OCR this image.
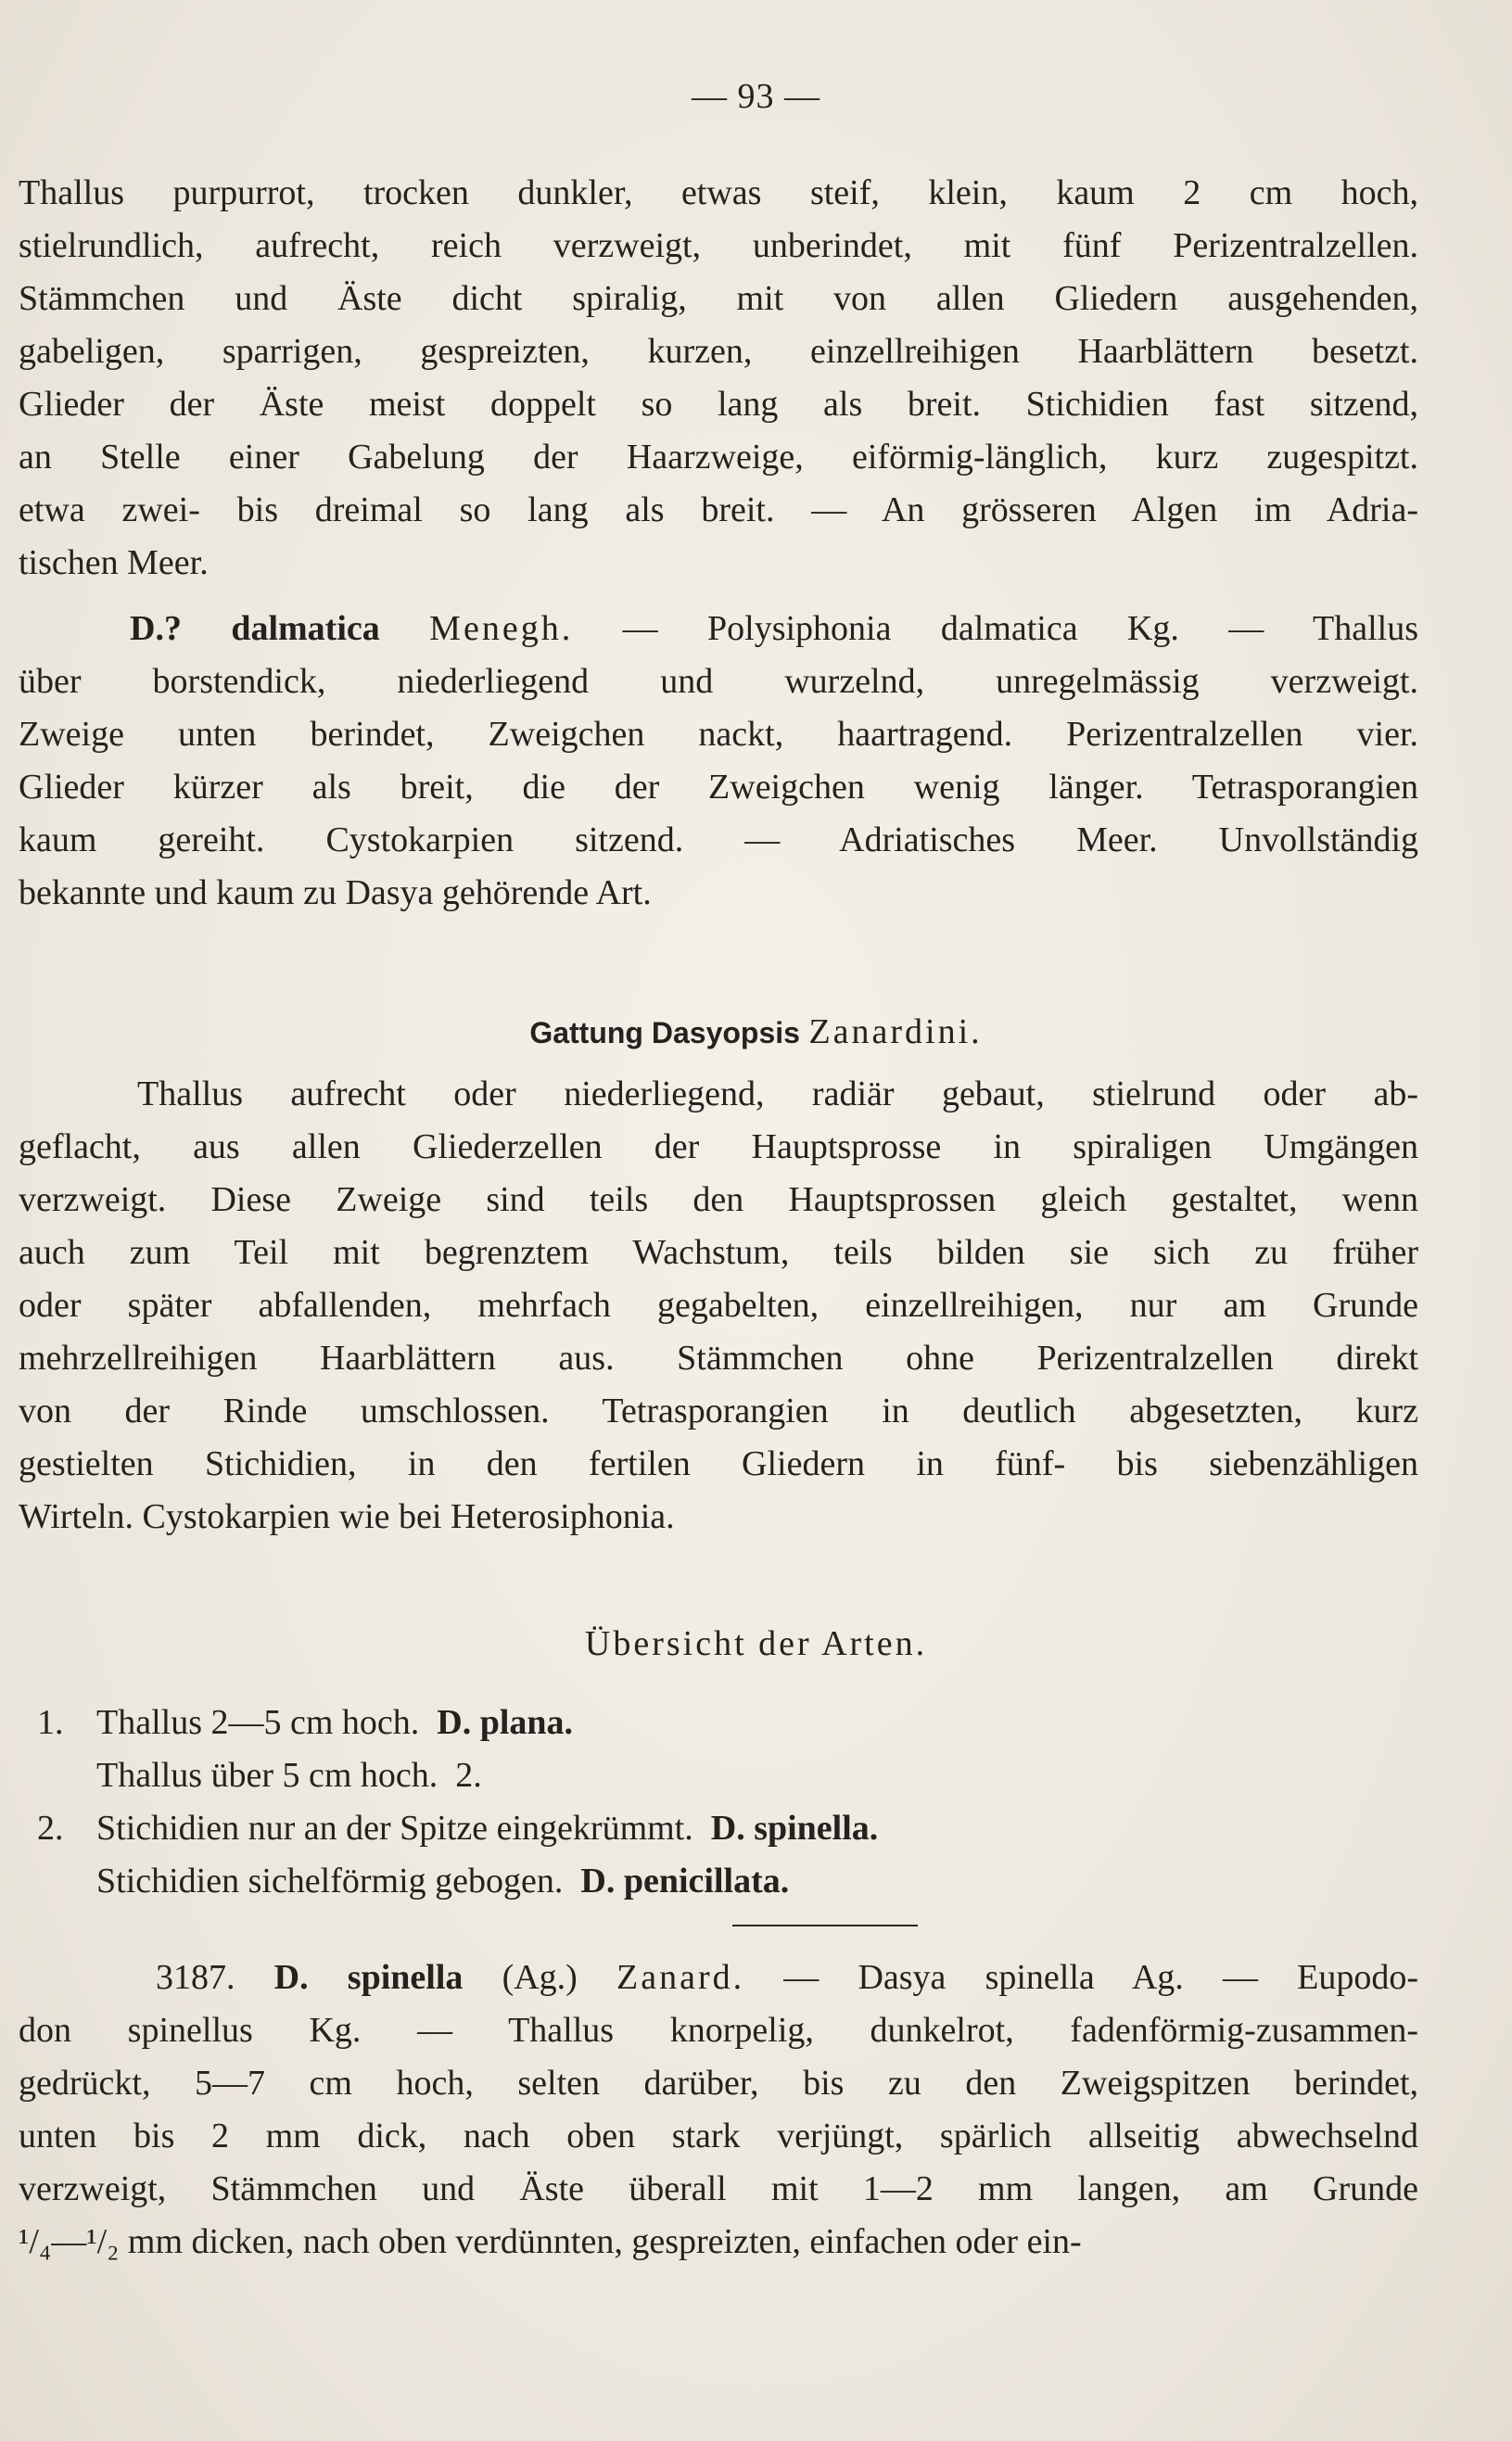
— 93 —
Thallus purpurrot, trocken dunkler, etwas steif, klein, kaum 2 cm hoch,
stielrundlich, aufrecht, reich verzweigt, unberindet, mit fünf Perizentralzellen.
Stämmchen und Äste dicht spiralig, mit von allen Gliedern ausgehenden,
gabeligen, sparrigen, gespreizten, kurzen, einzellreihigen Haarblättern besetzt.
Glieder der Äste meist doppelt so lang als breit. Stichidien fast sitzend,
an Stelle einer Gabelung der Haarzweige, eiförmig-länglich, kurz zugespitzt.
etwa zwei- bis dreimal so lang als breit. — An grösseren Algen im Adria-
tischen Meer.
D.? dalmatica Menegh. — Polysiphonia dalmatica Kg. — Thallus
über borstendick, niederliegend und wurzelnd, unregelmässig verzweigt.
Zweige unten berindet, Zweigchen nackt, haartragend. Perizentralzellen vier.
Glieder kürzer als breit, die der Zweigchen wenig länger. Tetrasporangien
kaum gereiht. Cystokarpien sitzend. — Adriatisches Meer. Unvollständig
bekannte und kaum zu Dasya gehörende Art.
Gattung Dasyopsis Zanardini.
Thallus aufrecht oder niederliegend, radiär gebaut, stielrund oder ab-
geflacht, aus allen Gliederzellen der Hauptsprosse in spiraligen Umgängen
verzweigt. Diese Zweige sind teils den Hauptsprossen gleich gestaltet, wenn
auch zum Teil mit begrenztem Wachstum, teils bilden sie sich zu früher
oder später abfallenden, mehrfach gegabelten, einzellreihigen, nur am Grunde
mehrzellreihigen Haarblättern aus. Stämmchen ohne Perizentralzellen direkt
von der Rinde umschlossen. Tetrasporangien in deutlich abgesetzten, kurz
gestielten Stichidien, in den fertilen Gliedern in fünf- bis siebenzähligen
Wirteln. Cystokarpien wie bei Heterosiphonia.
Übersicht der Arten.
1. Thallus 2—5 cm hoch. D. plana.
Thallus über 5 cm hoch. 2.
2. Stichidien nur an der Spitze eingekrümmt. D. spinella.
Stichidien sichelförmig gebogen. D. penicillata.
3187. D. spinella (Ag.) Zanard. — Dasya spinella Ag. — Eupodo-
don spinellus Kg. — Thallus knorpelig, dunkelrot, fadenförmig-zusammen-
gedrückt, 5—7 cm hoch, selten darüber, bis zu den Zweigspitzen berindet,
unten bis 2 mm dick, nach oben stark verjüngt, spärlich allseitig abwechselnd
verzweigt, Stämmchen und Äste überall mit 1—2 mm langen, am Grunde
¹/₄—¹/₂ mm dicken, nach oben verdünnten, gespreizten, einfachen oder ein-
